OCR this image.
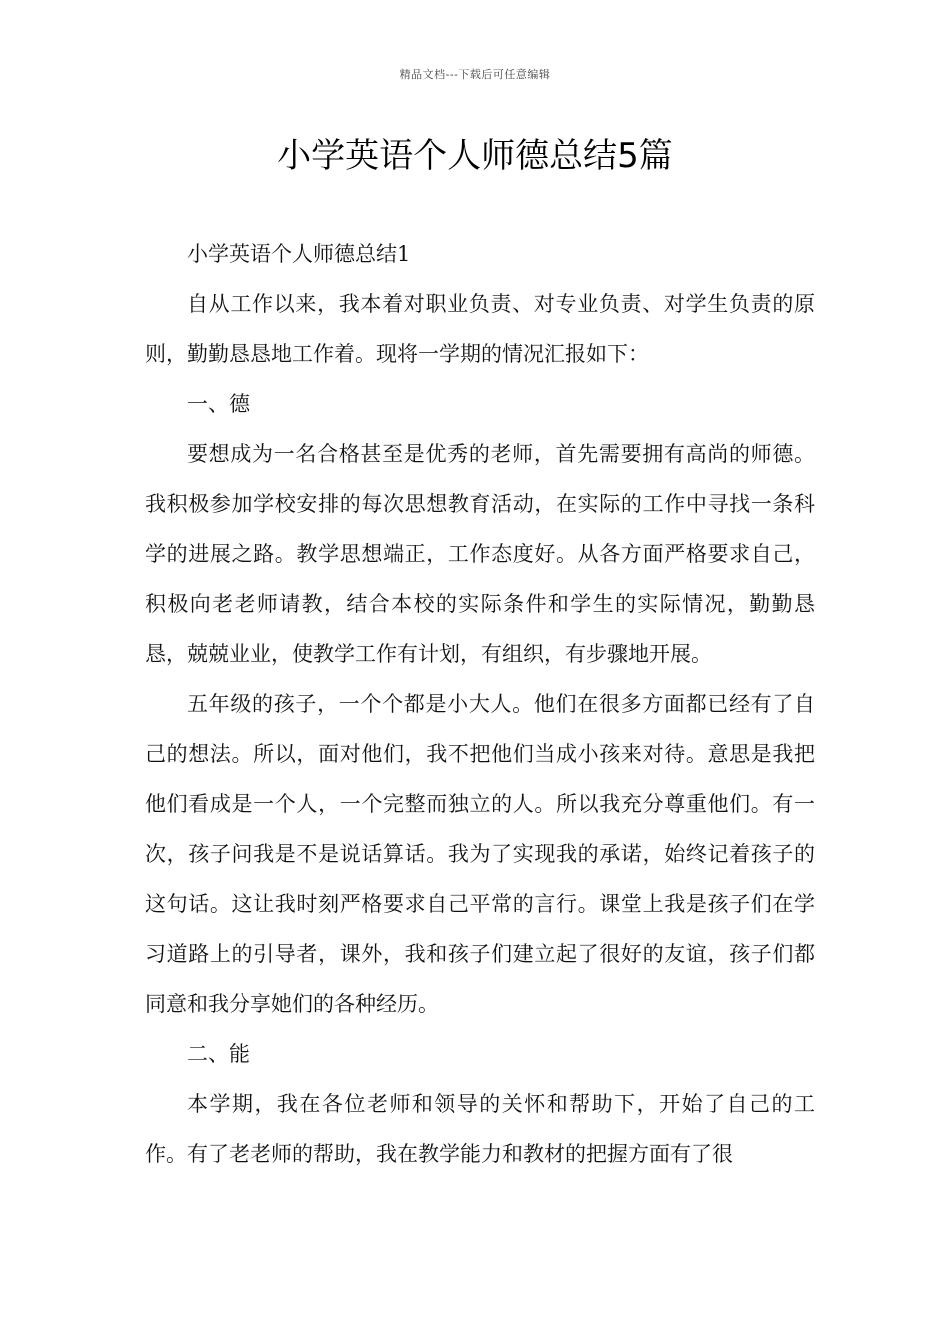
精品文档---下载后可任意编辑
小学英语个人师德总结5篇

小学英语个人师德总结1

自从工作以来，我本着对职业负责、对专业负责、对学生负责的原则，勤勤恳恳地工作着。现将一学期的情况汇报如下：

一、德

要想成为一名合格甚至是优秀的老师，首先需要拥有高尚的师德。我积极参加学校安排的每次思想教育活动，在实际的工作中寻找一条科学的进展之路。教学思想端正，工作态度好。从各方面严格要求自己，积极向老老师请教，结合本校的实际条件和学生的实际情况，勤勤恳恳，兢兢业业，使教学工作有计划，有组织，有步骤地开展。

五年级的孩子，一个个都是小大人。他们在很多方面都已经有了自己的想法。所以，面对他们，我不把他们当成小孩来对待。意思是我把他们看成是一个人，一个完整而独立的人。所以我充分尊重他们。有一次，孩子问我是不是说话算话。我为了实现我的承诺，始终记着孩子的这句话。这让我时刻严格要求自己平常的言行。课堂上我是孩子们在学习道路上的引导者，课外，我和孩子们建立起了很好的友谊，孩子们都同意和我分享她们的各种经历。

二、能

本学期，我在各位老师和领导的关怀和帮助下，开始了自己的工作。有了老老师的帮助，我在教学能力和教材的把握方面有了很
